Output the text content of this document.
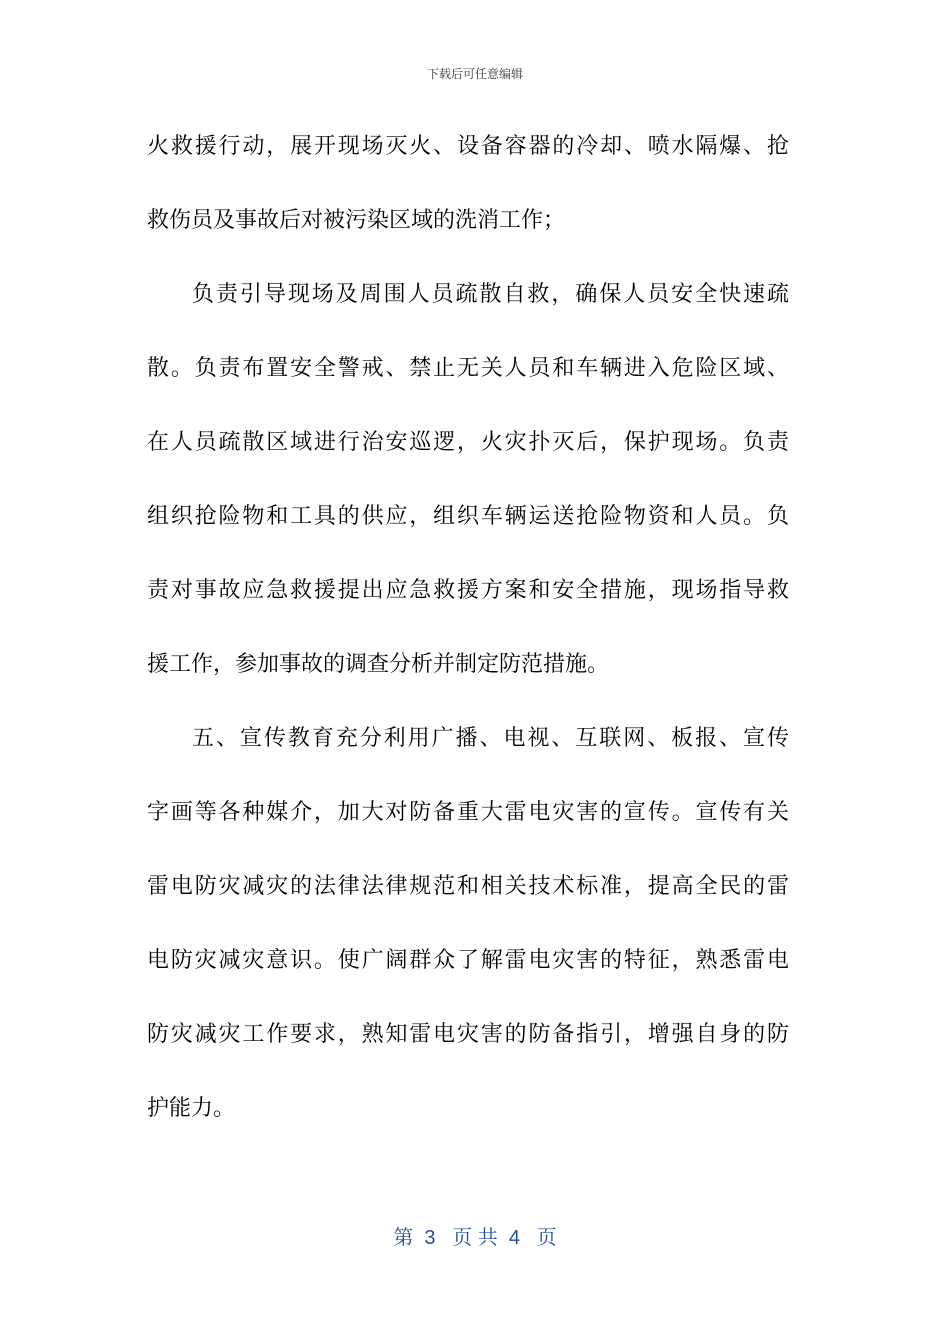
下载后可任意编辑
火救援行动，展开现场灭火、设备容器的冷却、喷水隔爆、抢
救伤员及事故后对被污染区域的洗消工作；
负责引导现场及周围人员疏散自救，确保人员安全快速疏
散。负责布置安全警戒、禁止无关人员和车辆进入危险区域、
在人员疏散区域进行治安巡逻，火灾扑灭后，保护现场。负责
组织抢险物和工具的供应，组织车辆运送抢险物资和人员。负
责对事故应急救援提出应急救援方案和安全措施，现场指导救
援工作，参加事故的调查分析并制定防范措施。
五、宣传教育充分利用广播、电视、互联网、板报、宣传
字画等各种媒介，加大对防备重大雷电灾害的宣传。宣传有关
雷电防灾减灾的法律法律规范和相关技术标准，提高全民的雷
电防灾减灾意识。使广阔群众了解雷电灾害的特征，熟悉雷电
防灾减灾工作要求，熟知雷电灾害的防备指引，增强自身的防
护能力。
第  3   页 共  4   页
